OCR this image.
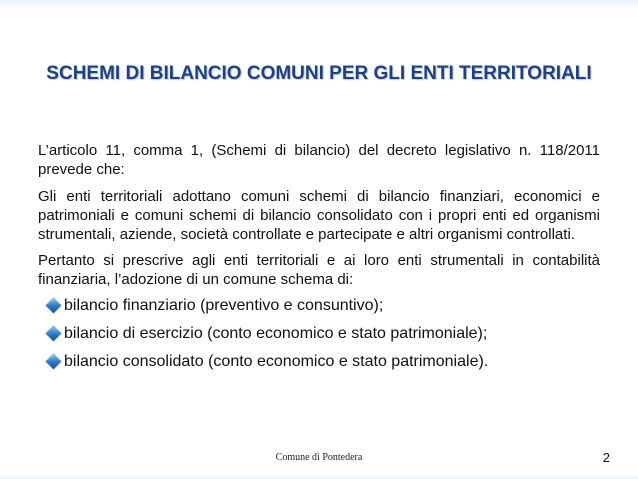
SCHEMI DI BILANCIO COMUNI PER GLI ENTI TERRITORIALI

L’articolo 11, comma 1, (Schemi di bilancio) del decreto legislativo n. 118/2011 prevede che:

Gli enti territoriali adottano comuni schemi di bilancio finanziari, economici e patrimoniali e comuni schemi di bilancio consolidato con i propri enti ed organismi strumentali, aziende, società controllate e partecipate e altri organismi controllati.

Pertanto si prescrive agli enti territoriali e ai loro enti strumentali in contabilità finanziaria, l’adozione di un comune schema di:

bilancio finanziario (preventivo e consuntivo);
bilancio di esercizio (conto economico e stato patrimoniale);
bilancio consolidato (conto economico e stato patrimoniale).
Comune di Pontedera	2
